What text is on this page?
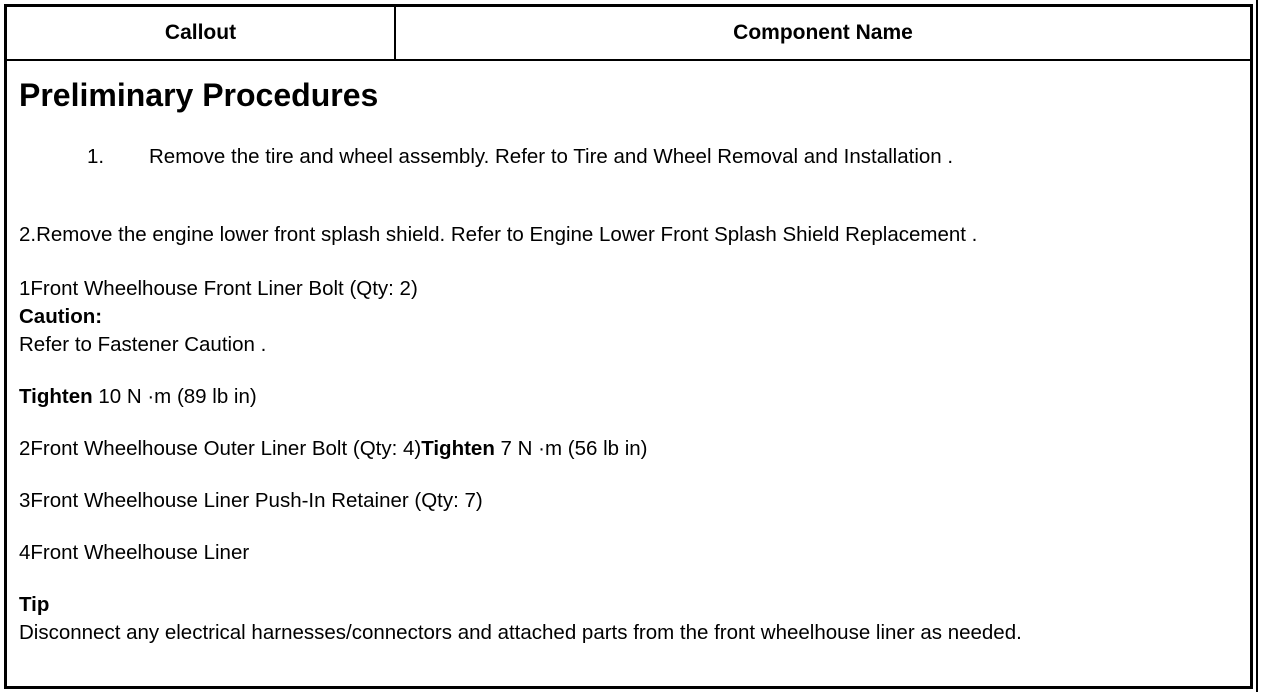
Callout	Component Name
Preliminary Procedures
1. Remove the tire and wheel assembly. Refer to Tire and Wheel Removal and Installation .

2.Remove the engine lower front splash shield. Refer to Engine Lower Front Splash Shield Replacement .

1Front Wheelhouse Front Liner Bolt (Qty: 2)

Caution:

Refer to Fastener Caution .

Tighten 10 N ·m (89 lb in)

2Front Wheelhouse Outer Liner Bolt (Qty: 4)Tighten 7 N ·m (56 lb in)

3Front Wheelhouse Liner Push-In Retainer (Qty: 7)

4Front Wheelhouse Liner

Tip

Disconnect any electrical harnesses/connectors and attached parts from the front wheelhouse liner as needed.
